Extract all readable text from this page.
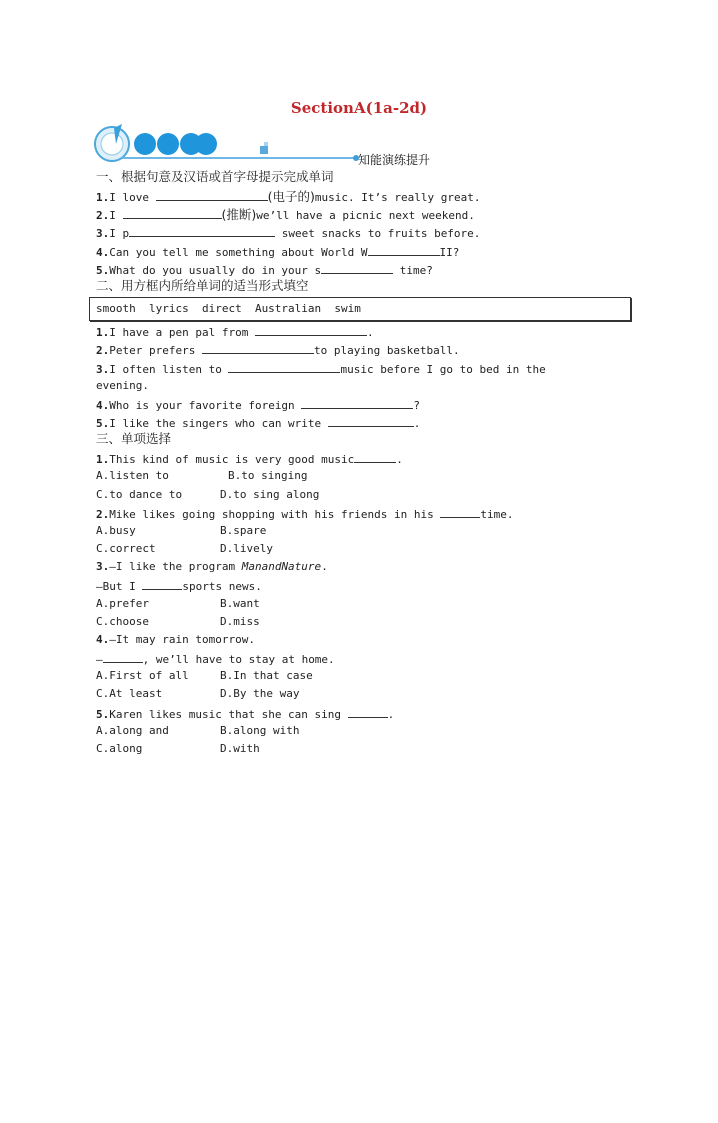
SectionA(1a-2d)
知能演练提升
一、根据句意及汉语或首字母提示完成单词
1.I love	(电子的)music. It’s really great.
2.I	(推断)we’ll have a picnic next weekend.
3.I p	sweet snacks to fruits before.
4.Can you tell me something about World W	II?
5.What do you usually do in your s	time?
二、用方框内所给单词的适当形式填空
smooth  lyrics  direct  Australian  swim
1.I have a pen pal from	.
2.Peter prefers	to playing basketball.
3.I often listen to	music before I go to bed in the
evening.
4.Who is your favorite foreign	?
5.I like the singers who can write	.
三、单项选择
1.This kind of music is very good music	.
A.listen to	B.to singing
C.to dance to	D.to sing along
2.Mike likes going shopping with his friends in his	time.
A.busy	B.spare
C.correct	D.lively
3.—I like the program ManandNature.
—But I	sports news.
A.prefer	B.want
C.choose	D.miss
4.—It may rain tomorrow.
—	, we’ll have to stay at home.
A.First of all	B.In that case
C.At least	D.By the way
5.Karen likes music that she can sing	.
A.along and	B.along with
C.along	D.with
